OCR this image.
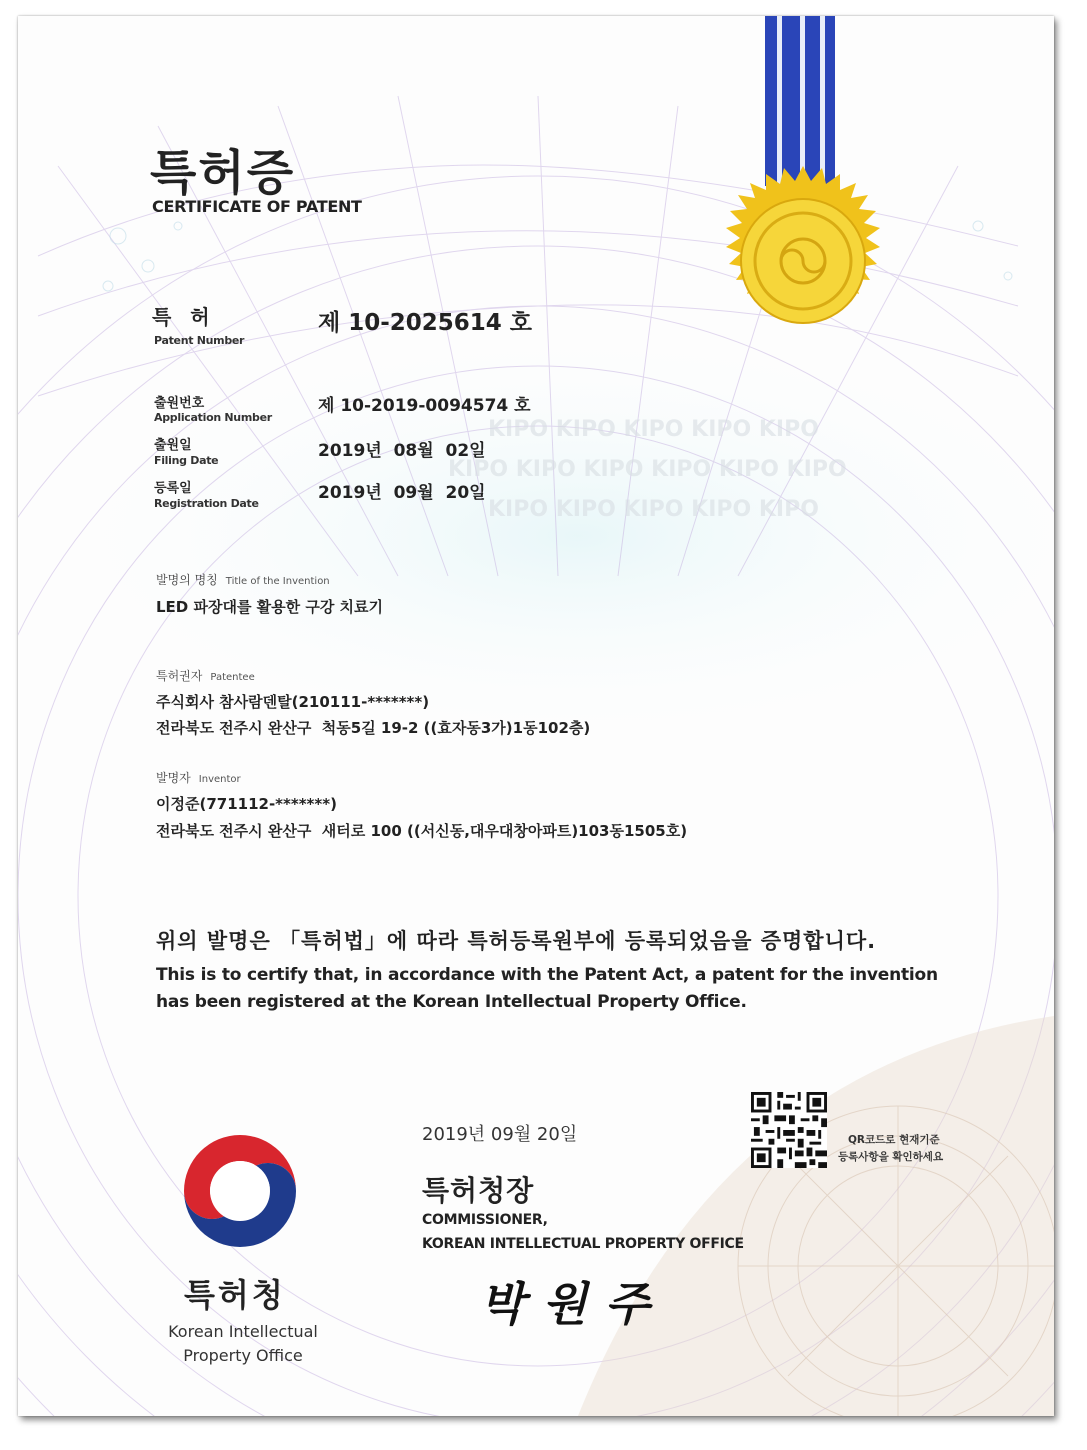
KIPO KIPO KIPO KIPO KIPO
KIPO KIPO KIPO KIPO KIPO KIPO
KIPO KIPO KIPO KIPO KIPO
특허증
CERTIFICATE OF PATENT
특 허
Patent Number
제 10-2025614 호
출원번호
Application Number
제 10-2019-0094574 호
출원일
Filing Date	2019년  08월  02일
등록일
Registration Date
2019년  09월  20일
발명의 명칭 Title of the Invention
LED 파장대를 활용한 구강 치료기
특허권자 Patentee
주식회사 참사람덴탈(210111-*******)
전라북도 전주시 완산구  척동5길 19-2 ((효자동3가)1동102층)
발명자 Inventor
이정준(771112-*******)
전라북도 전주시 완산구  새터로 100 ((서신동,대우대창아파트)103동1505호)
위의 발명은 「특허법」에 따라 특허등록원부에 등록되었음을 증명합니다.
This is to certify that, in accordance with the Patent Act, a patent for the invention
has been registered at the Korean Intellectual Property Office.
2019년 09월 20일	QR코드로 현재기준
등록사항을 확인하세요
특허청장
COMMISSIONER,
KOREAN INTELLECTUAL PROPERTY OFFICE
박원주
특허청
Korean Intellectual
Property Office
